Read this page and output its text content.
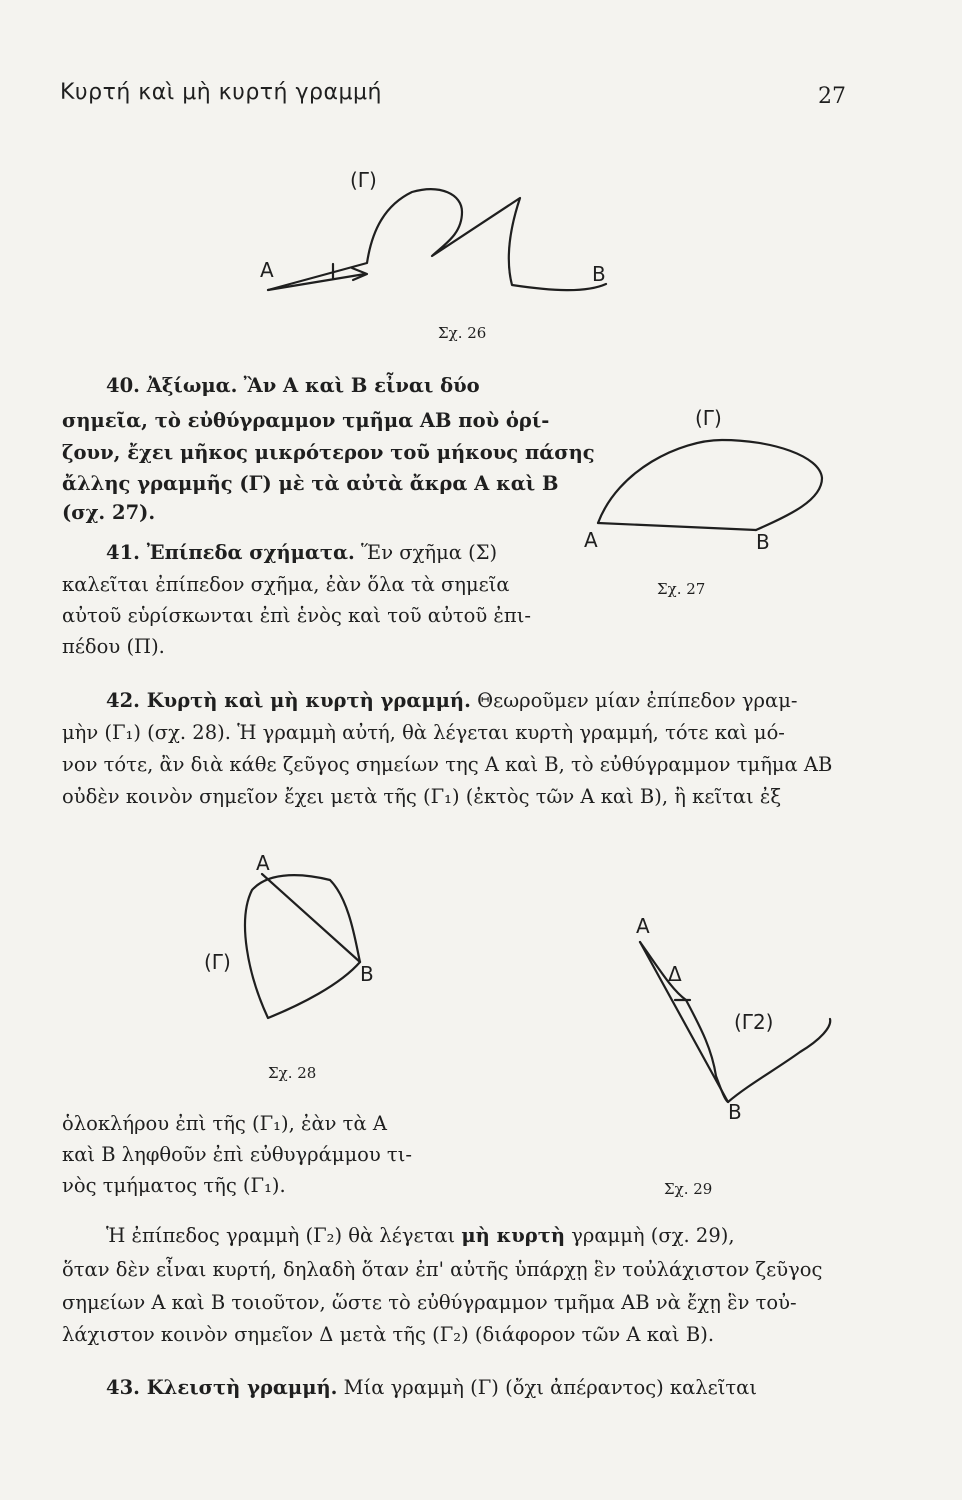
Κυρτή καὶ μὴ κυρτή γραμμή	27
Α	Β
(Γ)
Σχ. 26
40. Ἀξίωμα. Ἂν Α καὶ Β εἶναι δύο
σημεῖα, τὸ εὐθύγραμμον τμῆμα ΑΒ ποὺ ὁρί-
ζουν, ἔχει μῆκος μικρότερον τοῦ μήκους πάσης
ἄλλης γραμμῆς (Γ) μὲ τὰ αὐτὰ ἄκρα Α καὶ Β
(σχ. 27).
Α	Β
(Γ)
Σχ. 27
41. Ἐπίπεδα σχήματα. Ἕν σχῆμα (Σ)
καλεῖται ἐπίπεδον σχῆμα, ἐὰν ὅλα τὰ σημεῖα
αὐτοῦ εὑρίσκωνται ἐπὶ ἑνὸς καὶ τοῦ αὐτοῦ ἐπι-
πέδου (Π).
42. Κυρτὴ καὶ μὴ κυρτὴ γραμμή. Θεωροῦμεν μίαν ἐπίπεδον γραμ-
μὴν (Γ₁) (σχ. 28). Ἡ γραμμὴ αὐτή, θὰ λέγεται κυρτὴ γραμμή, τότε καὶ μό-
νον τότε, ἂν διὰ κάθε ζεῦγος σημείων της Α καὶ Β, τὸ εὐθύγραμμον τμῆμα ΑΒ
οὐδὲν κοινὸν σημεῖον ἔχει μετὰ τῆς (Γ₁) (ἐκτὸς τῶν Α καὶ Β), ἢ κεῖται ἐξ
Α
Β
(Γ)
Σχ. 28
Α
Δ
Β
(Γ2)
Σχ. 29
ὁλοκλήρου ἐπὶ τῆς (Γ₁), ἐὰν τὰ Α
καὶ Β ληφθοῦν ἐπὶ εὐθυγράμμου τι-
νὸς τμήματος τῆς (Γ₁).
Ἡ ἐπίπεδος γραμμὴ (Γ₂) θὰ λέγεται μὴ κυρτὴ γραμμὴ (σχ. 29),
ὅταν δὲν εἶναι κυρτή, δηλαδὴ ὅταν ἐπ' αὐτῆς ὑπάρχῃ ἓν τοὐλάχιστον ζεῦγος
σημείων Α καὶ Β τοιοῦτον, ὥστε τὸ εὐθύγραμμον τμῆμα ΑΒ νὰ ἔχῃ ἓν τοὐ-
λάχιστον κοινὸν σημεῖον Δ μετὰ τῆς (Γ₂) (διάφορον τῶν Α καὶ Β).
43. Κλειστὴ γραμμή. Μία γραμμὴ (Γ) (ὄχι ἀπέραντος) καλεῖται
